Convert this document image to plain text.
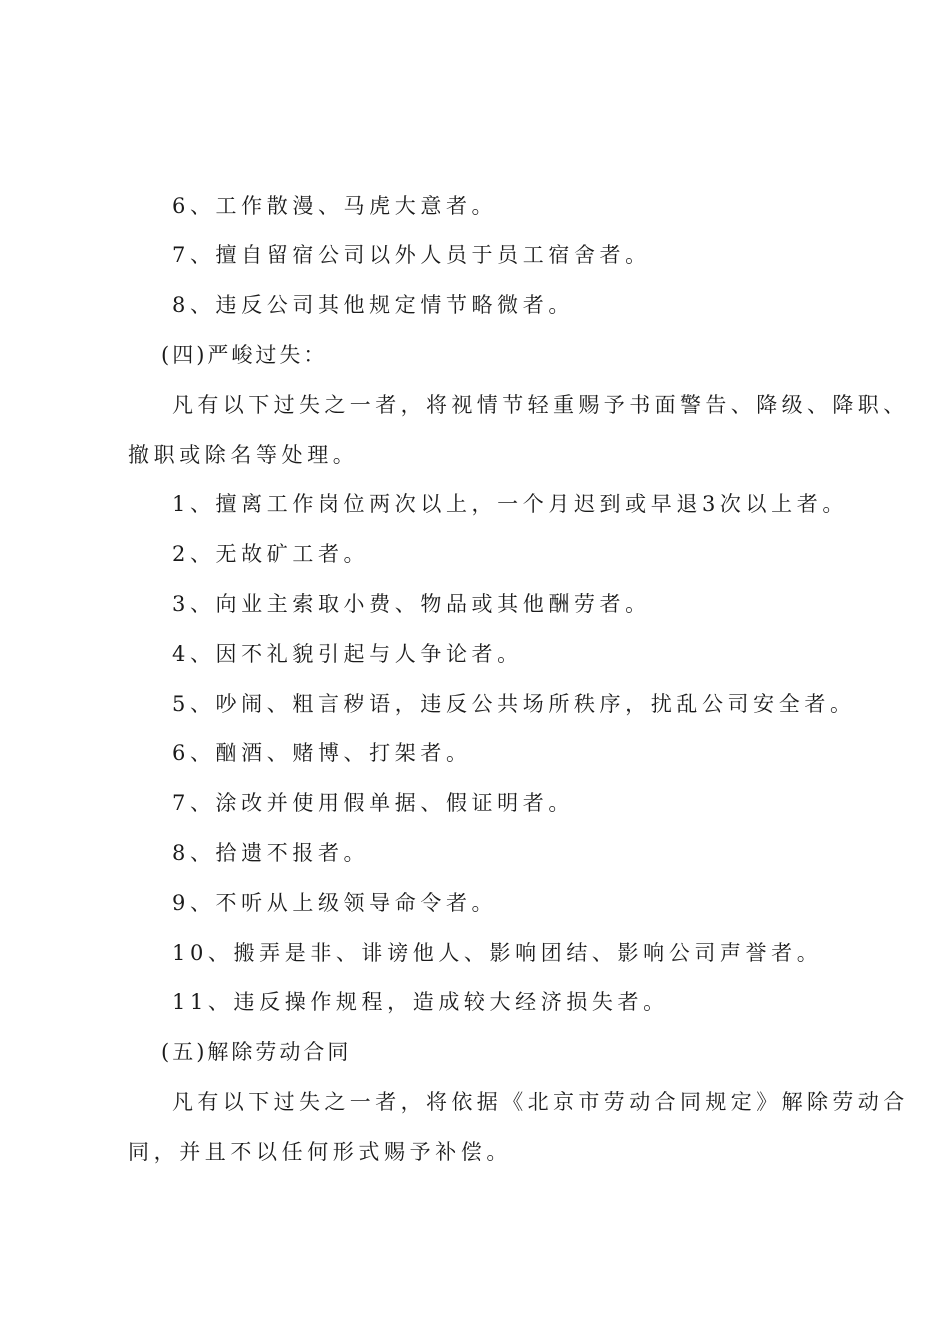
6、工作散漫、马虎大意者。
7、擅自留宿公司以外人员于员工宿舍者。
8、违反公司其他规定情节略微者。
(四)严峻过失：
凡有以下过失之一者，将视情节轻重赐予书面警告、降级、降职、
撤职或除名等处理。
1、擅离工作岗位两次以上，一个月迟到或早退3次以上者。
2、无故矿工者。
3、向业主索取小费、物品或其他酬劳者。
4、因不礼貌引起与人争论者。
5、吵闹、粗言秽语，违反公共场所秩序，扰乱公司安全者。
6、酗酒、赌博、打架者。
7、涂改并使用假单据、假证明者。
8、拾遗不报者。
9、不听从上级领导命令者。
10、搬弄是非、诽谤他人、影响团结、影响公司声誉者。
11、违反操作规程，造成较大经济损失者。
(五)解除劳动合同
凡有以下过失之一者，将依据《北京市劳动合同规定》解除劳动合
同，并且不以任何形式赐予补偿。
